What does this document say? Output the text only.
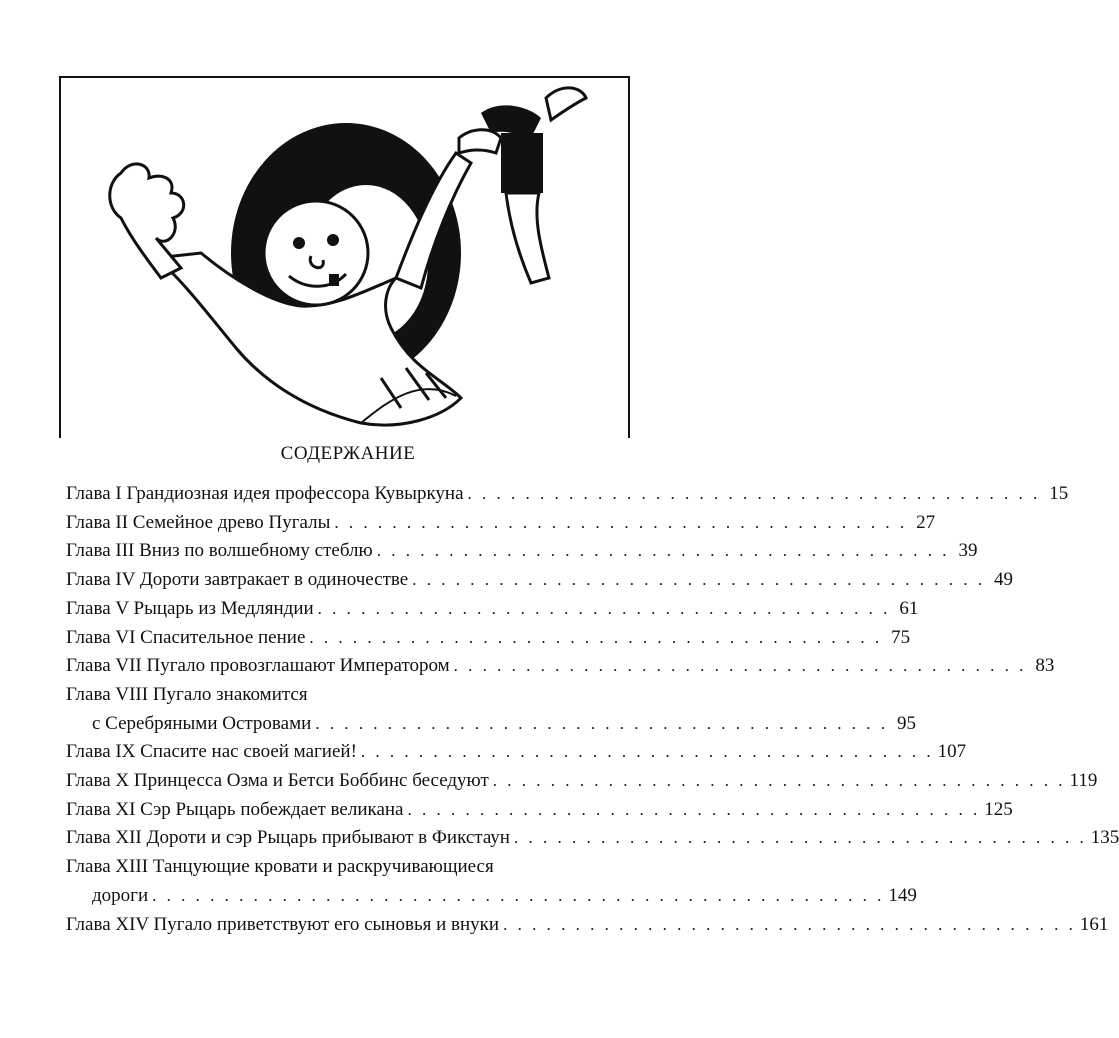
СОДЕРЖАНИЕ
Глава I Грандиозная идея профессора Кувыркуна . . . . . . . . . . . . . . . . . . . . . . . . . . . . . . . . . . . . . . . . 15
Глава II Семейное древо Пугалы . . . . . . . . . . . . . . . . . . . . . . . . . . . . . . . . . . . . . . . . 27
Глава III Вниз по волшебному стеблю . . . . . . . . . . . . . . . . . . . . . . . . . . . . . . . . . . . . . . . . 39
Глава IV Дороти завтракает в одиночестве . . . . . . . . . . . . . . . . . . . . . . . . . . . . . . . . . . . . . . . . 49
Глава V Рыцарь из Медляндии . . . . . . . . . . . . . . . . . . . . . . . . . . . . . . . . . . . . . . . . 61
Глава VI Спасительное пение . . . . . . . . . . . . . . . . . . . . . . . . . . . . . . . . . . . . . . . . 75
Глава VII Пугало провозглашают Императором . . . . . . . . . . . . . . . . . . . . . . . . . . . . . . . . . . . . . . . . 83
Глава VIII Пугало знакомится
с Серебряными Островами . . . . . . . . . . . . . . . . . . . . . . . . . . . . . . . . . . . . . . . . 95
Глава IX Спасите нас своей магией! . . . . . . . . . . . . . . . . . . . . . . . . . . . . . . . . . . . . . . . . 107
Глава X Принцесса Озма и Бетси Боббинс беседуют . . . . . . . . . . . . . . . . . . . . . . . . . . . . . . . . . . . . . . . . 119
Глава XI Сэр Рыцарь побеждает великана . . . . . . . . . . . . . . . . . . . . . . . . . . . . . . . . . . . . . . . . 125
Глава XII Дороти и сэр Рыцарь прибывают в Фикстаун . . . . . . . . . . . . . . . . . . . . . . . . . . . . . . . . . . . . . . . . 135
Глава XIII Танцующие кровати и раскручивающиеся
дороги . . . . . . . . . . . . . . . . . . . . . . . . . . . . . . . . . . . . . . . . . . . . . . . . . . . 149
Глава XIV Пугало приветствуют его сыновья и внуки . . . . . . . . . . . . . . . . . . . . . . . . . . . . . . . . . . . . . . . . 161
